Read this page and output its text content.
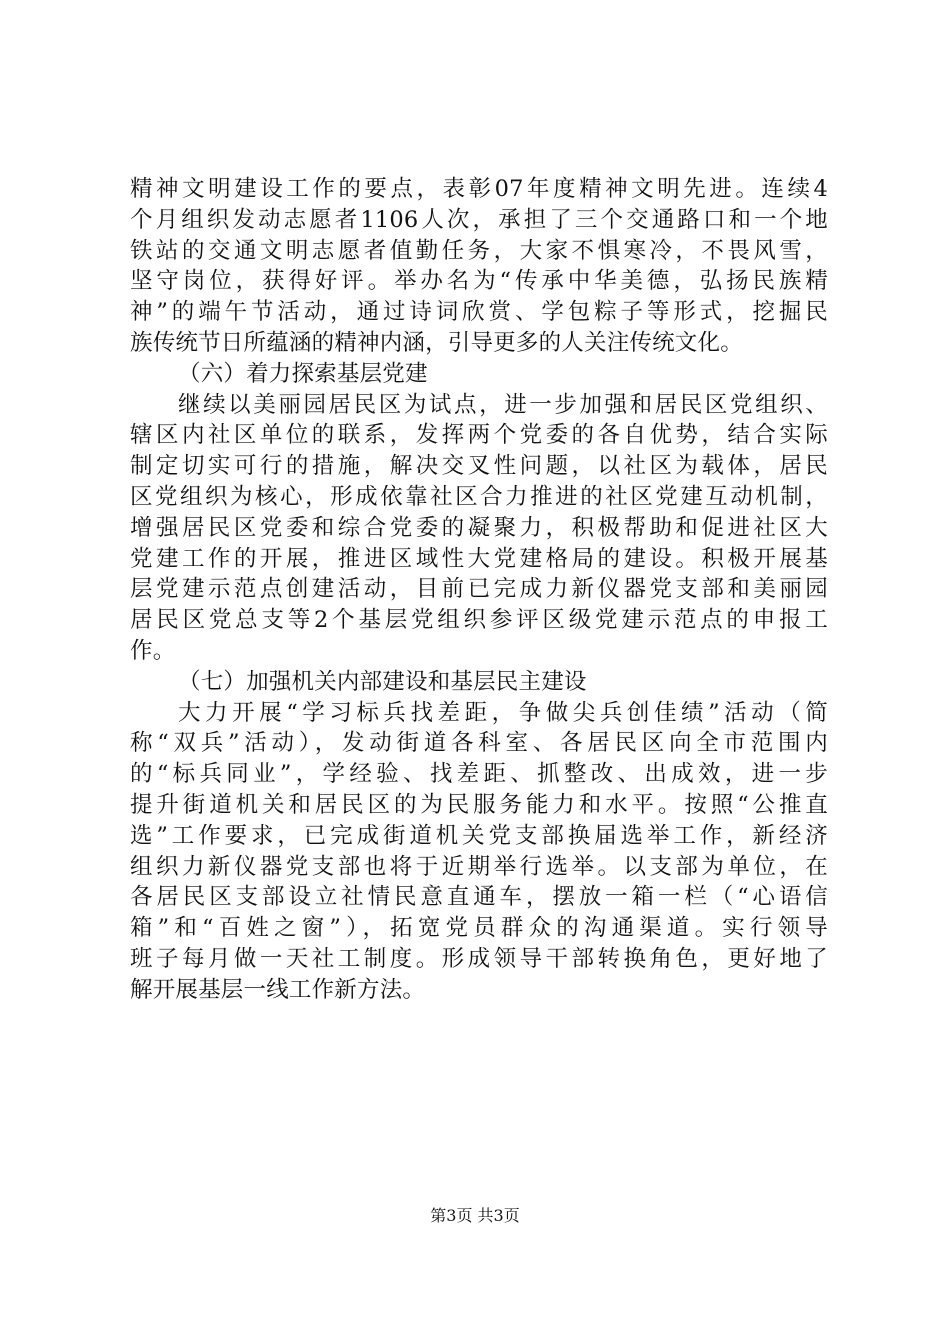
精神文明建设工作的要点，表彰07年度精神文明先进。连续4
个月组织发动志愿者1106人次，承担了三个交通路口和一个地
铁站的交通文明志愿者值勤任务，大家不惧寒冷，不畏风雪，
坚守岗位，获得好评。举办名为“传承中华美德，弘扬民族精
神”的端午节活动，通过诗词欣赏、学包粽子等形式，挖掘民
族传统节日所蕴涵的精神内涵，引导更多的人关注传统文化。
（六）着力探索基层党建
继续以美丽园居民区为试点，进一步加强和居民区党组织、
辖区内社区单位的联系，发挥两个党委的各自优势，结合实际
制定切实可行的措施，解决交叉性问题，以社区为载体，居民
区党组织为核心，形成依靠社区合力推进的社区党建互动机制，
增强居民区党委和综合党委的凝聚力，积极帮助和促进社区大
党建工作的开展，推进区域性大党建格局的建设。积极开展基
层党建示范点创建活动，目前已完成力新仪器党支部和美丽园
居民区党总支等2个基层党组织参评区级党建示范点的申报工
作。
（七）加强机关内部建设和基层民主建设
大力开展“学习标兵找差距，争做尖兵创佳绩”活动（简
称“双兵”活动），发动街道各科室、各居民区向全市范围内
的“标兵同业”，学经验、找差距、抓整改、出成效，进一步
提升街道机关和居民区的为民服务能力和水平。按照“公推直
选”工作要求，已完成街道机关党支部换届选举工作，新经济
组织力新仪器党支部也将于近期举行选举。以支部为单位，在
各居民区支部设立社情民意直通车，摆放一箱一栏（“心语信
箱”和“百姓之窗”），拓宽党员群众的沟通渠道。实行领导
班子每月做一天社工制度。形成领导干部转换角色，更好地了
解开展基层一线工作新方法。
第3页 共3页
